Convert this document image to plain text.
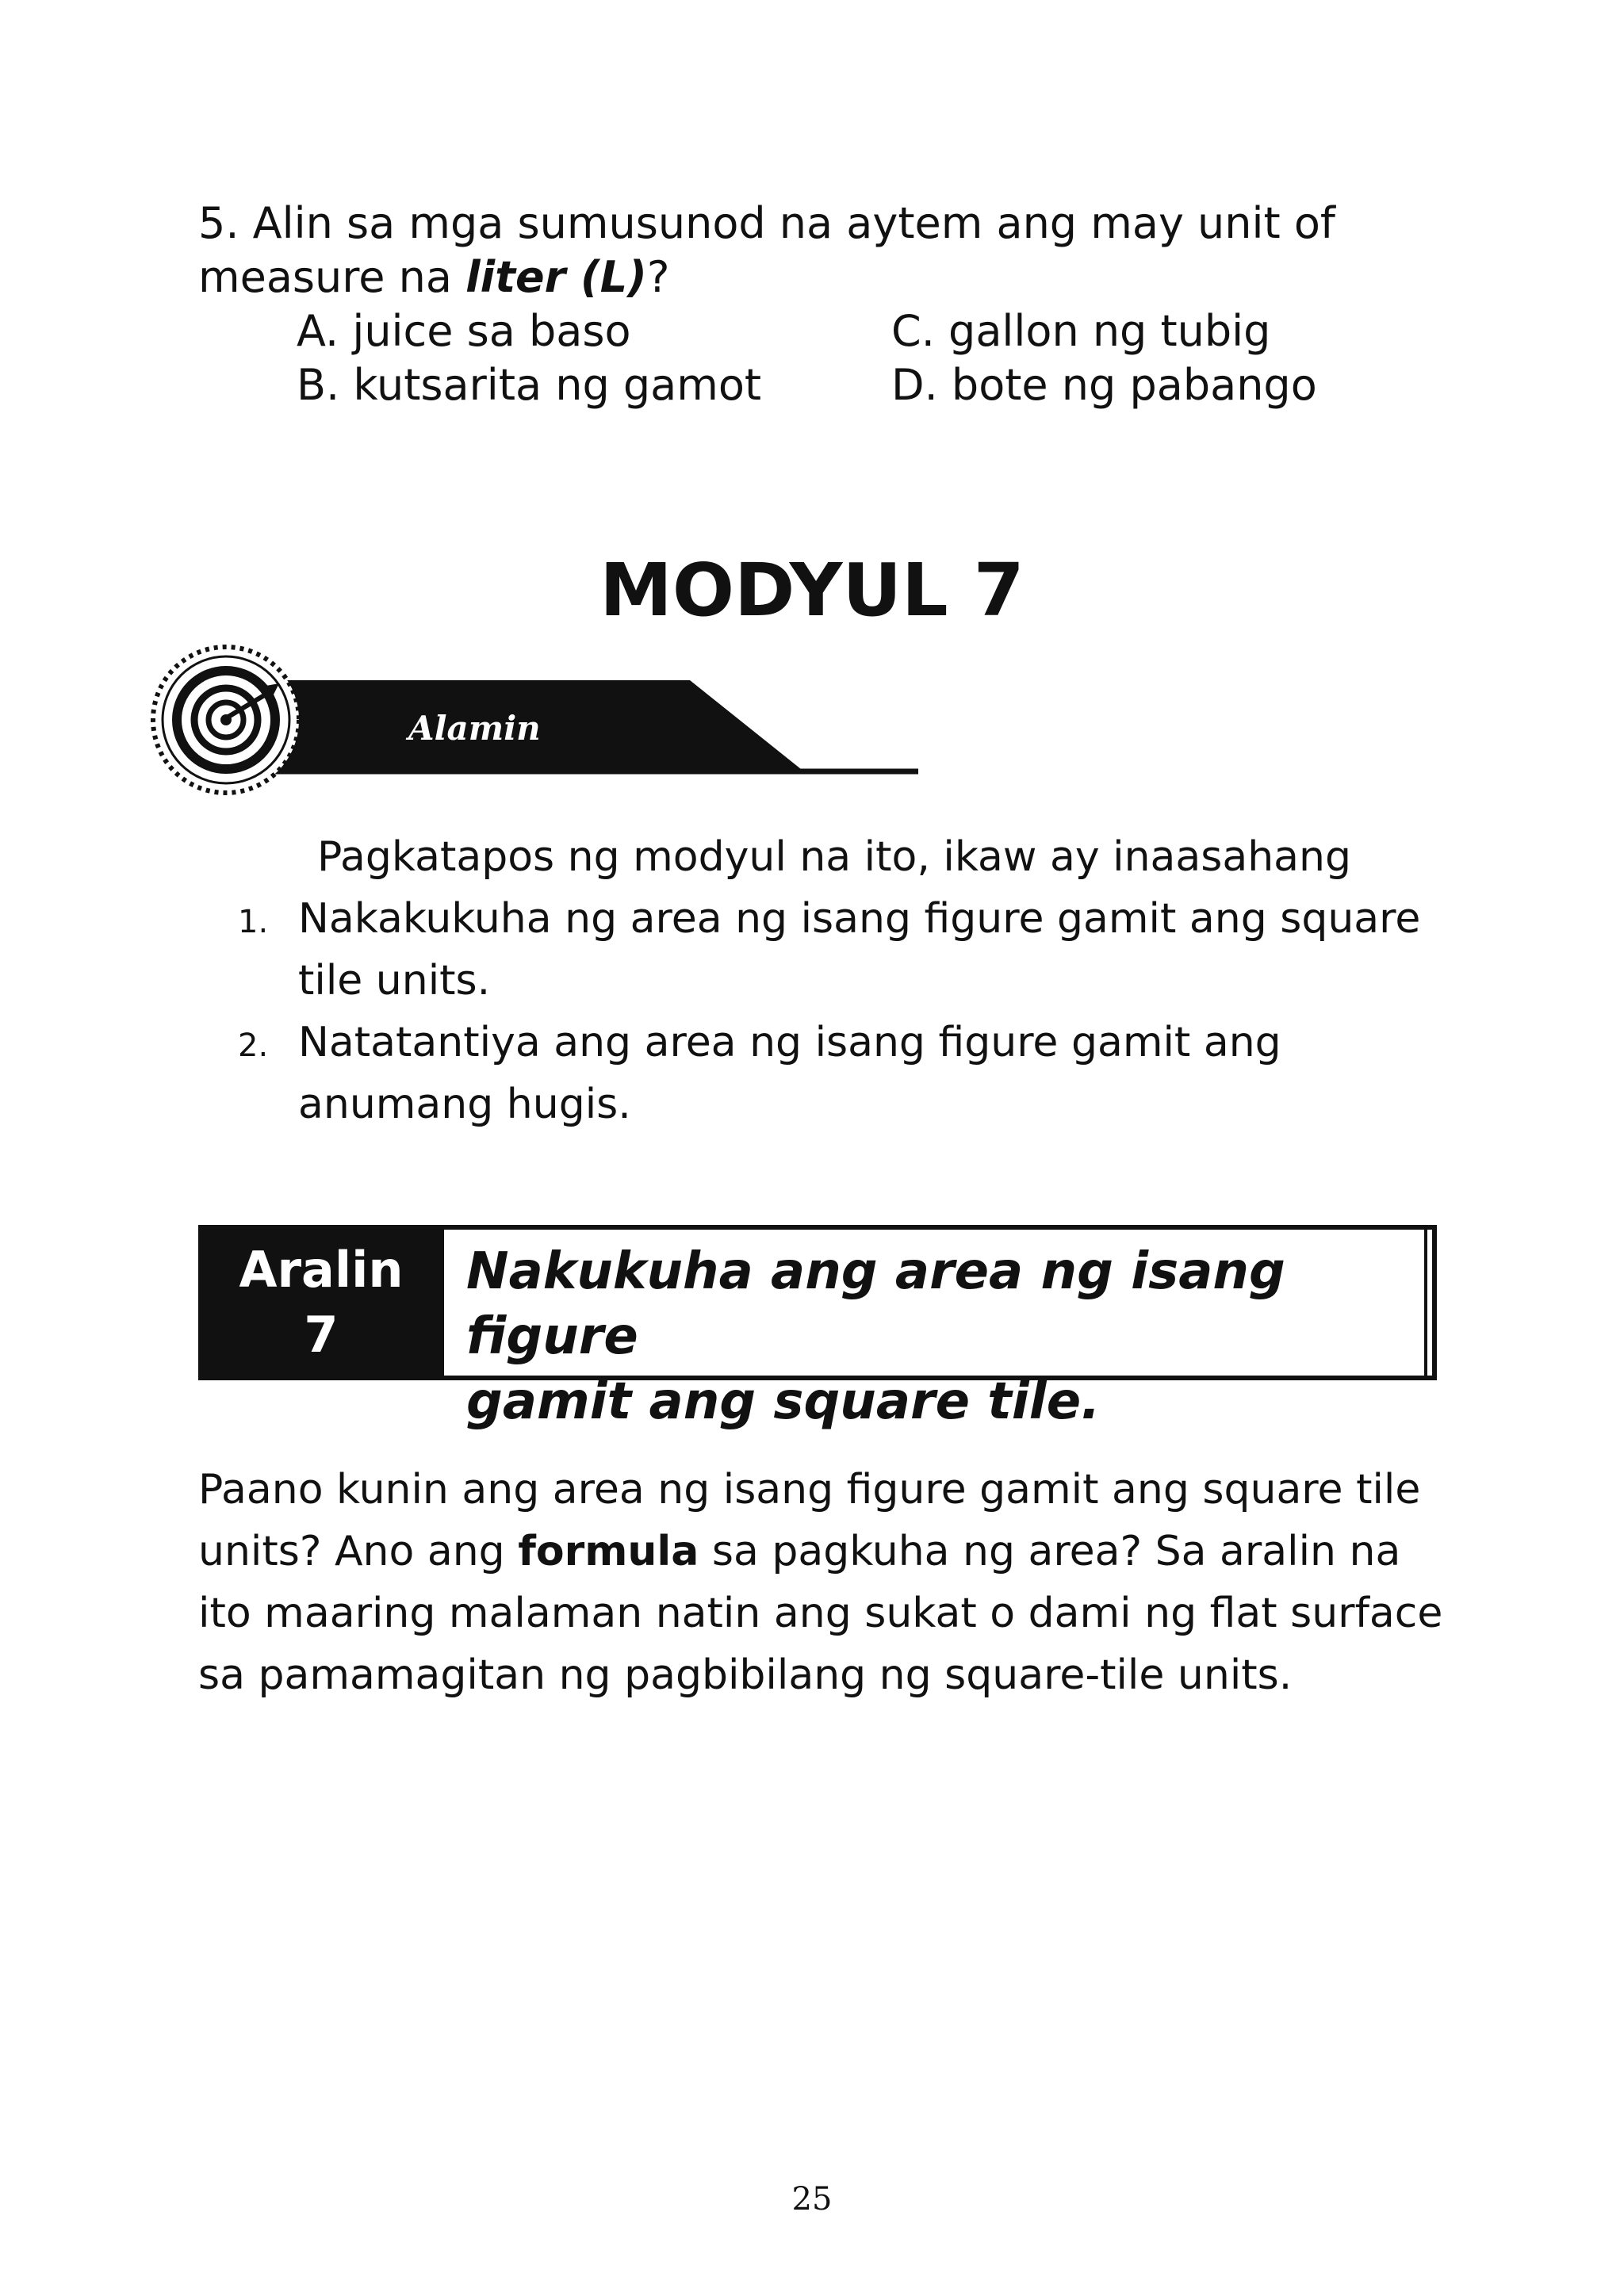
5. Alin sa mga sumusunod na aytem ang may unit of measure na liter (L)?

A. juice sa baso
B. kutsarita ng gamot
C. gallon ng tubig
D. bote ng pabango
MODYUL 7
Alamin
Pagkatapos ng modyul na ito, ikaw ay inaasahang
1. Nakakukuha ng area ng isang figure gamit ang square tile units.
2. Natatantiya ang area ng isang figure gamit ang anumang hugis.
Aralin
7
Nakukuha ang area ng isang figure
gamit ang square tile.

Paano kunin ang area ng isang figure gamit ang square tile units? Ano ang formula sa pagkuha ng area? Sa aralin na ito maaring malaman natin ang sukat o dami ng flat surface sa pamamagitan ng pagbibilang ng square-tile units.

25
